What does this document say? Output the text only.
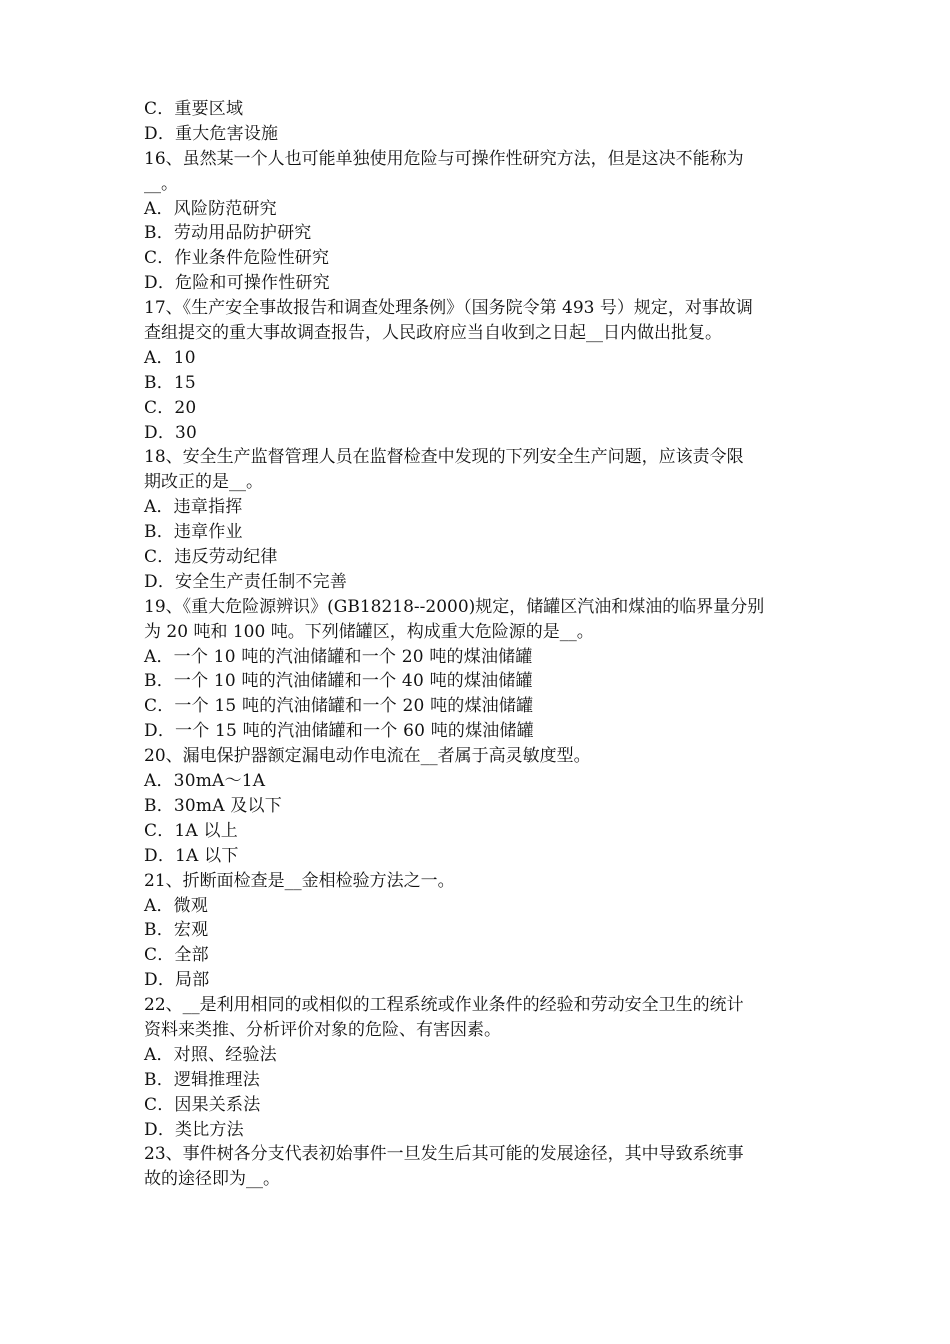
C．重要区域
D．重大危害设施
16、虽然某一个人也可能单独使用危险与可操作性研究方法，但是这决不能称为
__。
A．风险防范研究
B．劳动用品防护研究
C．作业条件危险性研究
D．危险和可操作性研究
17、《生产安全事故报告和调查处理条例》（国务院令第 493 号）规定，对事故调
查组提交的重大事故调查报告，人民政府应当自收到之日起__日内做出批复。
A．10
B．15
C．20
D．30
18、安全生产监督管理人员在监督检查中发现的下列安全生产问题，应该责令限
期改正的是__。
A．违章指挥
B．违章作业
C．违反劳动纪律
D．安全生产责任制不完善
19、《重大危险源辨识》(GB18218--2000)规定，储罐区汽油和煤油的临界量分别
为 20 吨和 100 吨。下列储罐区，构成重大危险源的是__。
A．一个 10 吨的汽油储罐和一个 20 吨的煤油储罐
B．一个 10 吨的汽油储罐和一个 40 吨的煤油储罐
C．一个 15 吨的汽油储罐和一个 20 吨的煤油储罐
D．一个 15 吨的汽油储罐和一个 60 吨的煤油储罐
20、漏电保护器额定漏电动作电流在__者属于高灵敏度型。
A．30mA～1A
B．30mA 及以下
C．1A 以上
D．1A 以下
21、折断面检查是__金相检验方法之一。
A．微观
B．宏观
C．全部
D．局部
22、__是利用相同的或相似的工程系统或作业条件的经验和劳动安全卫生的统计
资料来类推、分析评价对象的危险、有害因素。
A．对照、经验法
B．逻辑推理法
C．因果关系法
D．类比方法
23、事件树各分支代表初始事件一旦发生后其可能的发展途径，其中导致系统事
故的途径即为__。
